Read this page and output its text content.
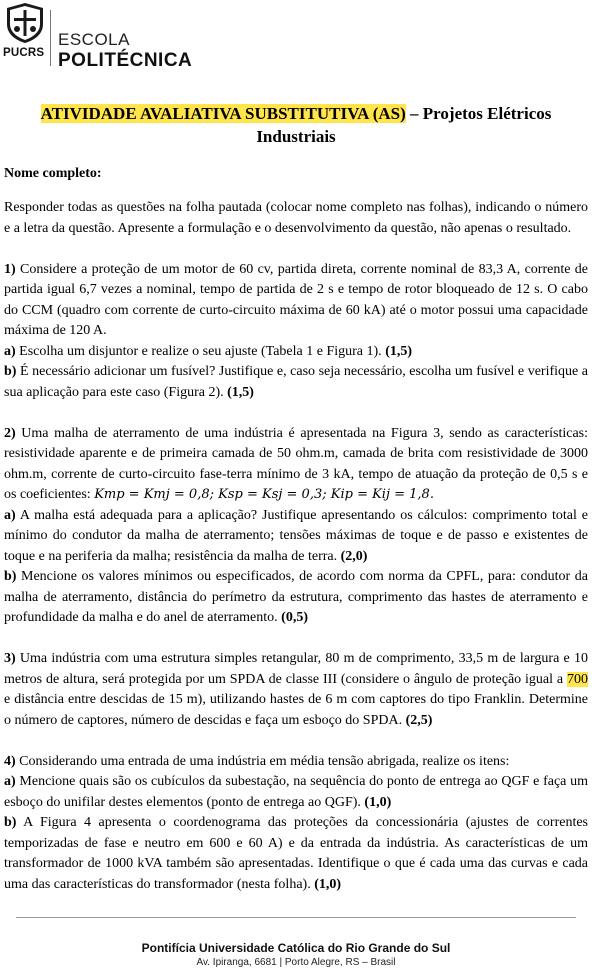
PUCRS
ESCOLA
POLITÉCNICA
ATIVIDADE AVALIATIVA SUBSTITUTIVA (AS) – Projetos Elétricos
Industriais
Nome completo:

Responder todas as questões na folha pautada (colocar nome completo nas folhas), indicando o número e a letra da questão. Apresente a formulação e o desenvolvimento da questão, não apenas o resultado.

1) Considere a proteção de um motor de 60 cv, partida direta, corrente nominal de 83,3 A, corrente de partida igual 6,7 vezes a nominal, tempo de partida de 2 s e tempo de rotor bloqueado de 12 s. O cabo do CCM (quadro com corrente de curto-circuito máxima de 60 kA) até o motor possui uma capacidade máxima de 120 A.

a) Escolha um disjuntor e realize o seu ajuste (Tabela 1 e Figura 1). (1,5)

b) É necessário adicionar um fusível? Justifique e, caso seja necessário, escolha um fusível e verifique a sua aplicação para este caso (Figura 2). (1,5)

2) Uma malha de aterramento de uma indústria é apresentada na Figura 3, sendo as características: resistividade aparente e de primeira camada de 50 ohm.m, camada de brita com resistividade de 3000 ohm.m, corrente de curto-circuito fase-terra mínimo de 3 kA, tempo de atuação da proteção de 0,5 s e os coeficientes: Kmp = Kmj = 0,8; Ksp = Ksj = 0,3; Kip = Kij = 1,8.

a) A malha está adequada para a aplicação? Justifique apresentando os cálculos: comprimento total e mínimo do condutor da malha de aterramento; tensões máximas de toque e de passo e existentes de toque e na periferia da malha; resistência da malha de terra. (2,0)

b) Mencione os valores mínimos ou especificados, de acordo com norma da CPFL, para: condutor da malha de aterramento, distância do perímetro da estrutura, comprimento das hastes de aterramento e profundidade da malha e do anel de aterramento. (0,5)

3) Uma indústria com uma estrutura simples retangular, 80 m de comprimento, 33,5 m de largura e 10 metros de altura, será protegida por um SPDA de classe III (considere o ângulo de proteção igual a 700 e distância entre descidas de 15 m), utilizando hastes de 6 m com captores do tipo Franklin. Determine o número de captores, número de descidas e faça um esboço do SPDA. (2,5)

4) Considerando uma entrada de uma indústria em média tensão abrigada, realize os itens:

a) Mencione quais são os cubículos da subestação, na sequência do ponto de entrega ao QGF e faça um esboço do unifilar destes elementos (ponto de entrega ao QGF). (1,0)

b) A Figura 4 apresenta o coordenograma das proteções da concessionária (ajustes de correntes temporizadas de fase e neutro em 600 e 60 A) e da entrada da indústria. As características de um transformador de 1000 kVA também são apresentadas. Identifique o que é cada uma das curvas e cada uma das características do transformador (nesta folha). (1,0)

Pontifícia Universidade Católica do Rio Grande do Sul
Av. Ipiranga, 6681 | Porto Alegre, RS – Brasil
